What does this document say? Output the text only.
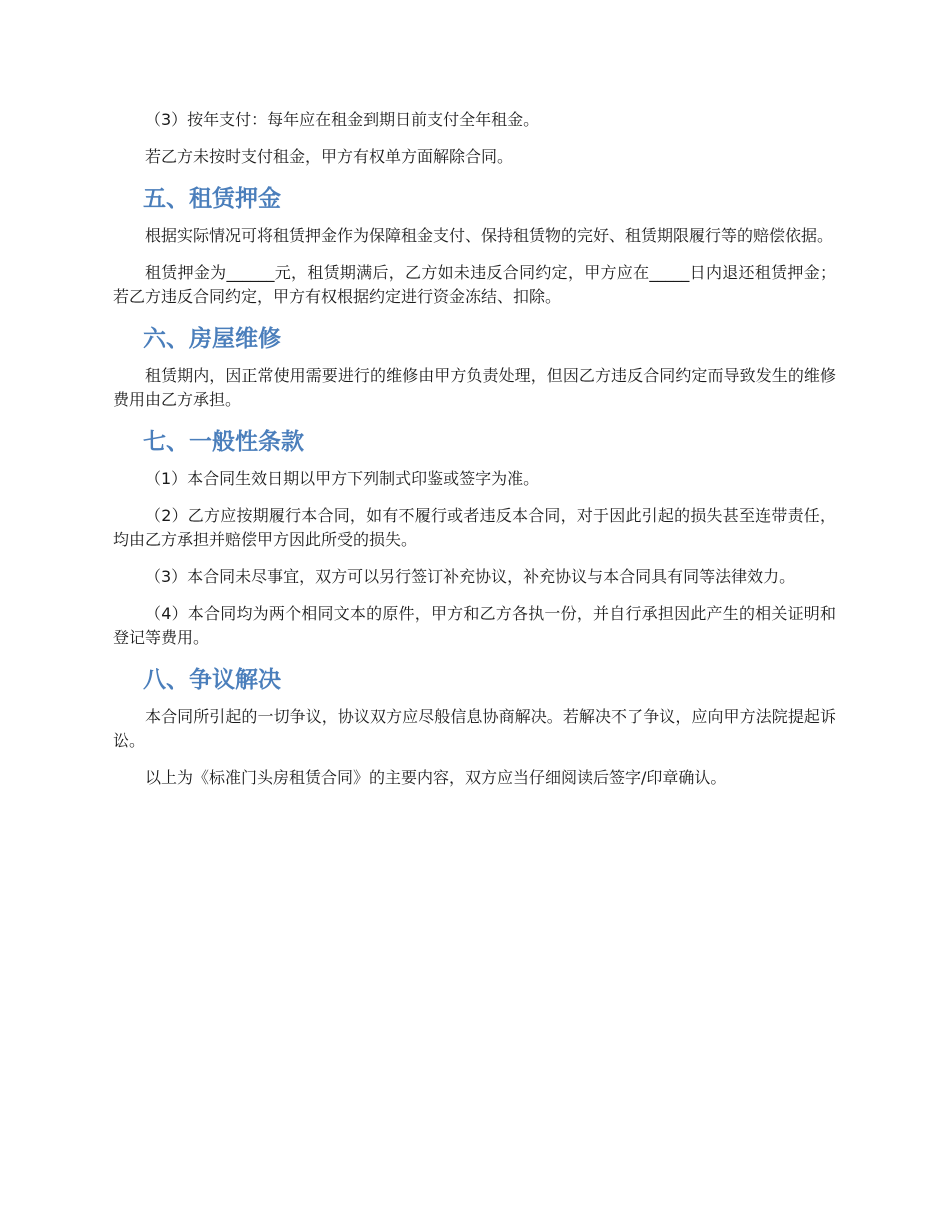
（3）按年支付：每年应在租金到期日前支付全年租金。

若乙方未按时支付租金，甲方有权单方面解除合同。

五、租赁押金

根据实际情况可将租赁押金作为保障租金支付、保持租赁物的完好、租赁期限履行等的赔偿依据。

租赁押金为______元，租赁期满后，乙方如未违反合同约定，甲方应在_____日内退还租赁押金；若乙方违反合同约定，甲方有权根据约定进行资金冻结、扣除。

六、房屋维修

租赁期内，因正常使用需要进行的维修由甲方负责处理，但因乙方违反合同约定而导致发生的维修费用由乙方承担。

七、一般性条款

（1）本合同生效日期以甲方下列制式印鉴或签字为准。

（2）乙方应按期履行本合同，如有不履行或者违反本合同，对于因此引起的损失甚至连带责任，均由乙方承担并赔偿甲方因此所受的损失。

（3）本合同未尽事宜，双方可以另行签订补充协议，补充协议与本合同具有同等法律效力。

（4）本合同均为两个相同文本的原件，甲方和乙方各执一份，并自行承担因此产生的相关证明和登记等费用。

八、争议解决

本合同所引起的一切争议，协议双方应尽般信息协商解决。若解决不了争议，应向甲方法院提起诉讼。

以上为《标准门头房租赁合同》的主要内容，双方应当仔细阅读后签字/印章确认。
